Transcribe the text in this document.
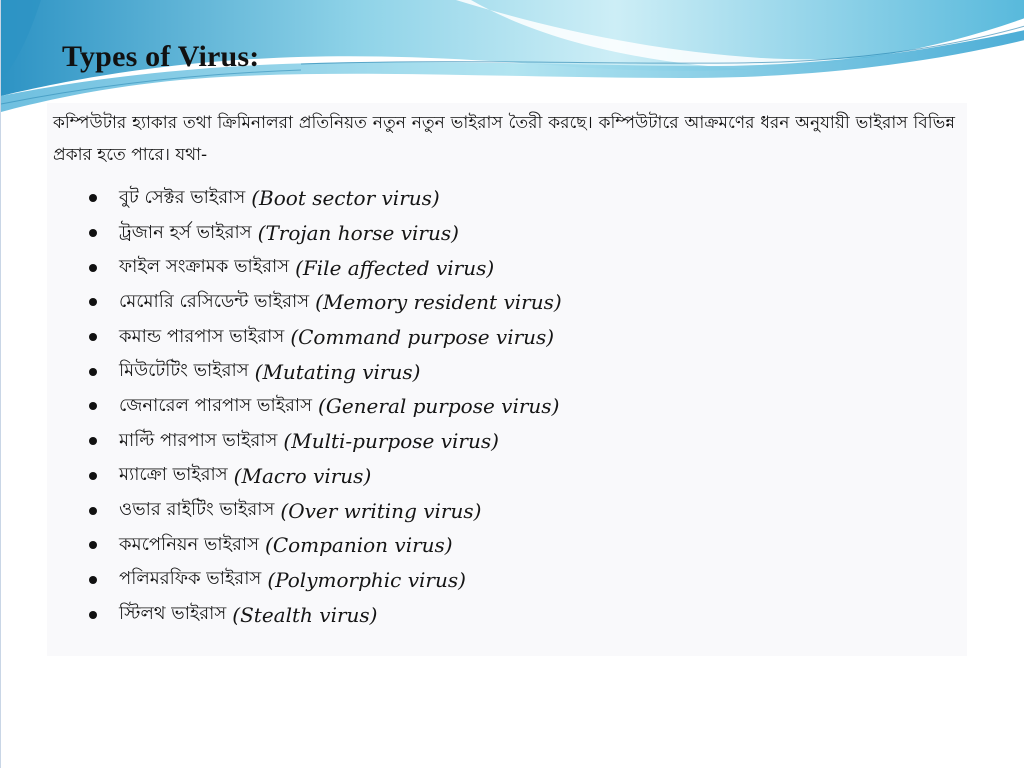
Types of Virus:

কম্পিউটার হ্যাকার তথা ক্রিমিনালরা প্রতিনিয়ত নতুন নতুন ভাইরাস তৈরী করছে। কম্পিউটারে আক্রমণের ধরন অনুযায়ী ভাইরাস বিভিন্ন প্রকার হতে পারে। যথা-

বুট সেক্টর ভাইরাস (Boot sector virus)
ট্রজান হর্স ভাইরাস (Trojan horse virus)
ফাইল সংক্রামক ভাইরাস (File affected virus)
মেমোরি রেসিডেন্ট ভাইরাস (Memory resident virus)
কমান্ড পারপাস ভাইরাস (Command purpose virus)
মিউটেটিং ভাইরাস (Mutating virus)
জেনারেল পারপাস ভাইরাস (General purpose virus)
মাল্টি পারপাস ভাইরাস (Multi-purpose virus)
ম্যাক্রো ভাইরাস (Macro virus)
ওভার রাইটিং ভাইরাস (Over writing virus)
কমপেনিয়ন ভাইরাস (Companion virus)
পলিমরফিক ভাইরাস (Polymorphic virus)
স্টিলথ ভাইরাস (Stealth virus)
